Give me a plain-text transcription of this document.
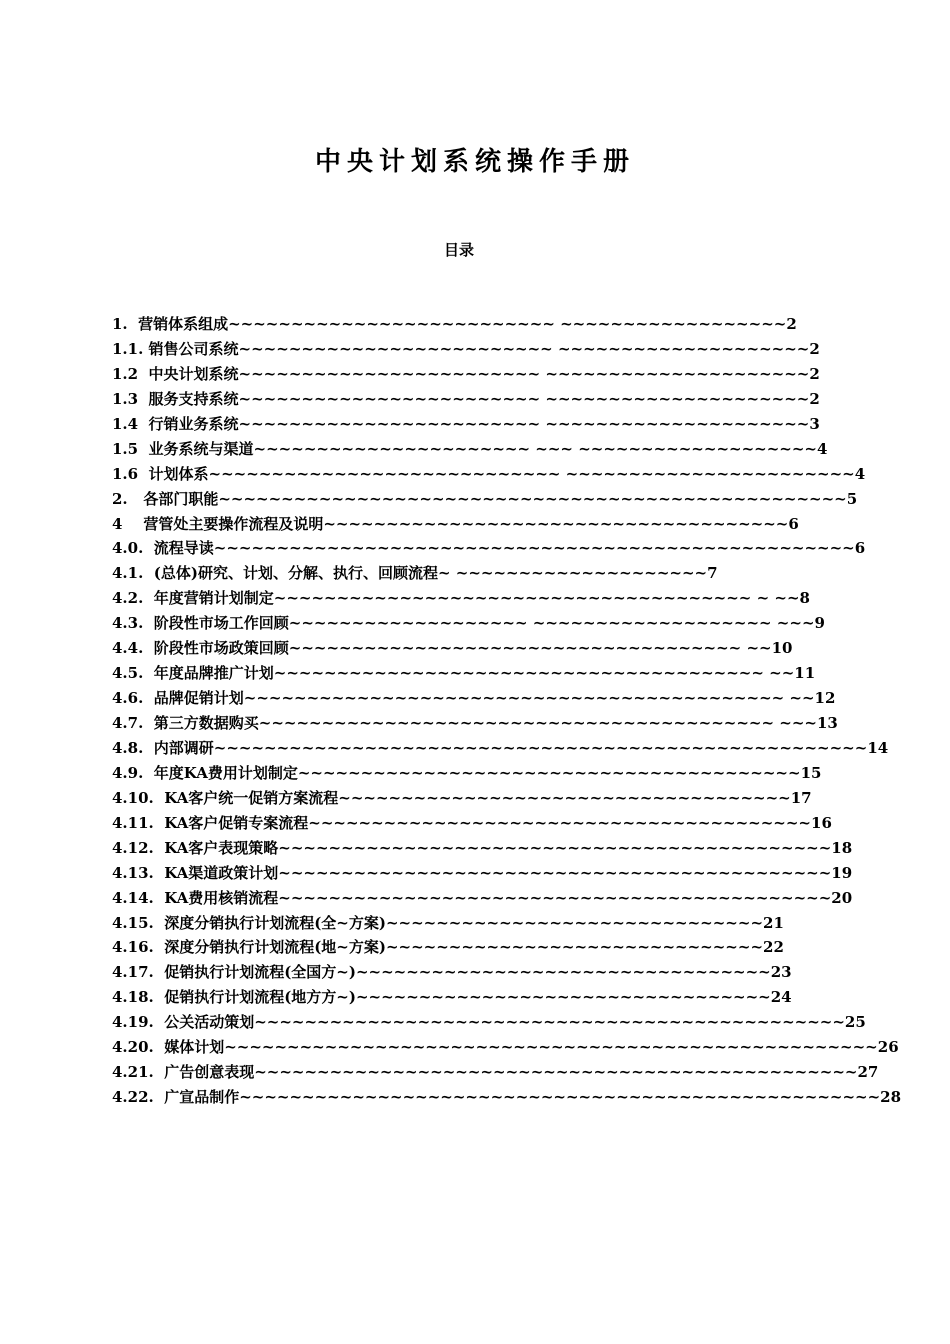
中央计划系统操作手册
目录
1.  营销体系组成~~~~~~~~~~~~~~~~~~~~~~~~~~ ~~~~~~~~~~~~~~~~~~2
1.1. 销售公司系统~~~~~~~~~~~~~~~~~~~~~~~~~ ~~~~~~~~~~~~~~~~~~~~2
1.2  中央计划系统~~~~~~~~~~~~~~~~~~~~~~~~ ~~~~~~~~~~~~~~~~~~~~~2
1.3  服务支持系统~~~~~~~~~~~~~~~~~~~~~~~~ ~~~~~~~~~~~~~~~~~~~~~2
1.4  行销业务系统~~~~~~~~~~~~~~~~~~~~~~~~ ~~~~~~~~~~~~~~~~~~~~~3
1.5  业务系统与渠道~~~~~~~~~~~~~~~~~~~~~~ ~~~ ~~~~~~~~~~~~~~~~~~~4
1.6  计划体系~~~~~~~~~~~~~~~~~~~~~~~~~~~~ ~~~~~~~~~~~~~~~~~~~~~~~4
2.   各部门职能~~~~~~~~~~~~~~~~~~~~~~~~~~~~~~~~~~~~~~~~~~~~~~~~~~5
4    营管处主要操作流程及说明~~~~~~~~~~~~~~~~~~~~~~~~~~~~~~~~~~~~~6
4.0.  流程导读~~~~~~~~~~~~~~~~~~~~~~~~~~~~~~~~~~~~~~~~~~~~~~~~~~~6
4.1.  (总体)研究、计划、分解、执行、回顾流程~ ~~~~~~~~~~~~~~~~~~~~7
4.2.  年度营销计划制定~~~~~~~~~~~~~~~~~~~~~~~~~~~~~~~~~~~~~~ ~ ~~8
4.3.  阶段性市场工作回顾~~~~~~~~~~~~~~~~~~~ ~~~~~~~~~~~~~~~~~~~ ~~~9
4.4.  阶段性市场政策回顾~~~~~~~~~~~~~~~~~~~~~~~~~~~~~~~~~~~~ ~~10
4.5.  年度品牌推广计划~~~~~~~~~~~~~~~~~~~~~~~~~~~~~~~~~~~~~~~ ~~11
4.6.  品牌促销计划~~~~~~~~~~~~~~~~~~~~~~~~~~~~~~~~~~~~~~~~~~~ ~~12
4.7.  第三方数据购买~~~~~~~~~~~~~~~~~~~~~~~~~~~~~~~~~~~~~~~~~ ~~~13
4.8.  内部调研~~~~~~~~~~~~~~~~~~~~~~~~~~~~~~~~~~~~~~~~~~~~~~~~~~~~14
4.9.  年度KA费用计划制定~~~~~~~~~~~~~~~~~~~~~~~~~~~~~~~~~~~~~~~~15
4.10.  KA客户统一促销方案流程~~~~~~~~~~~~~~~~~~~~~~~~~~~~~~~~~~~~17
4.11.  KA客户促销专案流程~~~~~~~~~~~~~~~~~~~~~~~~~~~~~~~~~~~~~~~~16
4.12.  KA客户表现策略~~~~~~~~~~~~~~~~~~~~~~~~~~~~~~~~~~~~~~~~~~~~18
4.13.  KA渠道政策计划~~~~~~~~~~~~~~~~~~~~~~~~~~~~~~~~~~~~~~~~~~~~19
4.14.  KA费用核销流程~~~~~~~~~~~~~~~~~~~~~~~~~~~~~~~~~~~~~~~~~~~~20
4.15.  深度分销执行计划流程(全~方案)~~~~~~~~~~~~~~~~~~~~~~~~~~~~~~21
4.16.  深度分销执行计划流程(地~方案)~~~~~~~~~~~~~~~~~~~~~~~~~~~~~~22
4.17.  促销执行计划流程(全国方~)~~~~~~~~~~~~~~~~~~~~~~~~~~~~~~~~~23
4.18.  促销执行计划流程(地方方~)~~~~~~~~~~~~~~~~~~~~~~~~~~~~~~~~~24
4.19.  公关活动策划~~~~~~~~~~~~~~~~~~~~~~~~~~~~~~~~~~~~~~~~~~~~~~~25
4.20.  媒体计划~~~~~~~~~~~~~~~~~~~~~~~~~~~~~~~~~~~~~~~~~~~~~~~~~~~~26
4.21.  广告创意表现~~~~~~~~~~~~~~~~~~~~~~~~~~~~~~~~~~~~~~~~~~~~~~~~27
4.22.  广宣品制作~~~~~~~~~~~~~~~~~~~~~~~~~~~~~~~~~~~~~~~~~~~~~~~~~~~28
